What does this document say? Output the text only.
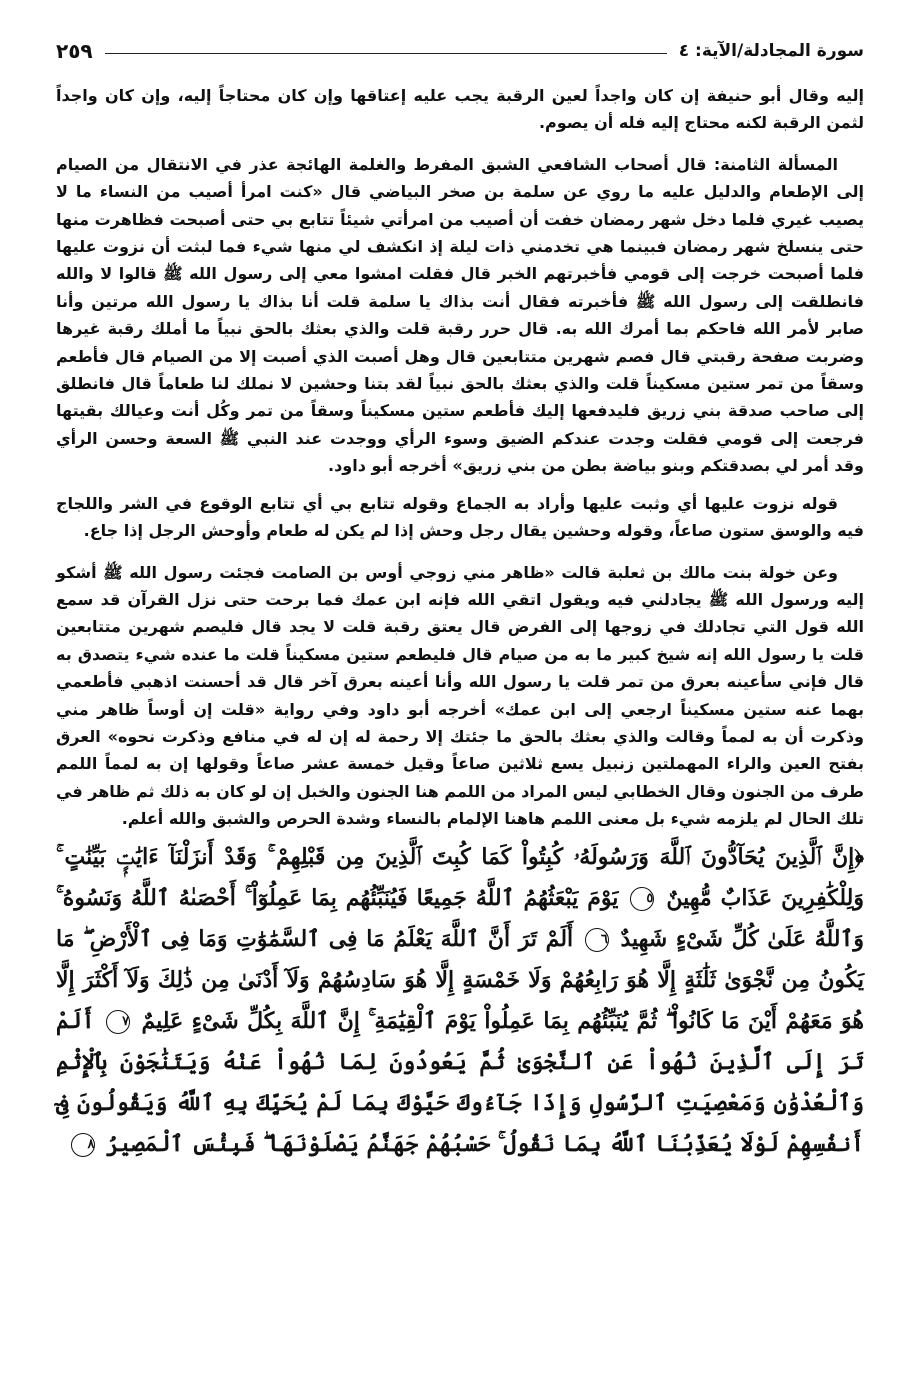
سورة المجادلة/الآية: ٤
٢٥٩

إليه وقال أبو حنيفة إن كان واجداً لعين الرقبة يجب عليه إعتاقها وإن كان محتاجاً إليه، وإن كان واجداً لثمن الرقبة لكنه محتاج إليه فله أن يصوم.

المسألة الثامنة: قال أصحاب الشافعي الشبق المفرط والغلمة الهائجة عذر في الانتقال من الصيام إلى الإطعام والدليل عليه ما روي عن سلمة بن صخر البياضي قال «كنت امرأ أصيب من النساء ما لا يصيب غيري فلما دخل شهر رمضان خفت أن أصيب من امرأتي شيئاً تتابع بي حتى أصبحت فظاهرت منها حتى ينسلخ شهر رمضان فبينما هي تخدمني ذات ليلة إذ انكشف لي منها شيء فما لبثت أن نزوت عليها فلما أصبحت خرجت إلى قومي فأخبرتهم الخبر قال فقلت امشوا معي إلى رسول الله ﷺ قالوا لا والله فانطلقت إلى رسول الله ﷺ فأخبرته فقال أنت بذاك يا سلمة قلت أنا بذاك يا رسول الله مرتين وأنا صابر لأمر الله فاحكم بما أمرك الله به. قال حرر رقبة قلت والذي بعثك بالحق نبياً ما أملك رقبة غيرها وضربت صفحة رقبتي قال فصم شهرين متتابعين قال وهل أصبت الذي أصبت إلا من الصيام قال فأطعم وسقاً من تمر ستين مسكيناً قلت والذي بعثك بالحق نبياً لقد بتنا وحشين لا نملك لنا طعاماً قال فانطلق إلى صاحب صدقة بني زريق فليدفعها إليك فأطعم ستين مسكيناً وسقاً من تمر وكُل أنت وعيالك بقيتها فرجعت إلى قومي فقلت وجدت عندكم الضيق وسوء الرأي ووجدت عند النبي ﷺ السعة وحسن الرأي وقد أمر لي بصدقتكم وبنو بياضة بطن من بني زريق» أخرجه أبو داود.

قوله نزوت عليها أي وثبت عليها وأراد به الجماع وقوله تتابع بي أي تتابع الوقوع في الشر واللجاج فيه والوسق ستون صاعاً، وقوله وحشين يقال رجل وحش إذا لم يكن له طعام وأوحش الرجل إذا جاع.

وعن خولة بنت مالك بن ثعلبة قالت «ظاهر مني زوجي أوس بن الصامت فجئت رسول الله ﷺ أشكو إليه ورسول الله ﷺ يجادلني فيه ويقول اتقي الله فإنه ابن عمك فما برحت حتى نزل القرآن قد سمع الله قول التي تجادلك في زوجها إلى الفرض قال يعتق رقبة قلت لا يجد قال فليصم شهرين متتابعين قلت يا رسول الله إنه شيخ كبير ما به من صيام قال فليطعم ستين مسكيناً قلت ما عنده شيء يتصدق به قال فإني سأعينه بعرق من تمر قلت يا رسول الله وأنا أعينه بعرق آخر قال قد أحسنت اذهبي فأطعمي بهما عنه ستين مسكيناً ارجعي إلى ابن عمك» أخرجه أبو داود وفي رواية «قلت إن أوساً ظاهر مني وذكرت أن به لمماً وقالت والذي بعثك بالحق ما جئتك إلا رحمة له إن له في منافع وذكرت نحوه» العرق بفتح العين والراء المهملتين زنبيل يسع ثلاثين صاعاً وقيل خمسة عشر صاعاً وقولها إن به لمماً اللمم طرف من الجنون وقال الخطابي ليس المراد من اللمم هنا الجنون والخبل إن لو كان به ذلك ثم ظاهر في تلك الحال لم يلزمه شيء بل معنى اللمم هاهنا الإلمام بالنساء وشدة الحرص والشبق والله أعلم.

﴿إِنَّ ٱلَّذِينَ يُحَآدُّونَ ٱللَّهَ وَرَسُولَهُۥ كُبِتُواْ كَمَا كُبِتَ ٱلَّذِينَ مِن قَبْلِهِمْ ۚ وَقَدْ أَنزَلْنَآ ءَايَٰتٍۭ بَيِّنَٰتٍ ۚ وَلِلْكَٰفِرِينَ عَذَابٌ مُّهِينٌ ٥ يَوْمَ يَبْعَثُهُمُ ٱللَّهُ جَمِيعًا فَيُنَبِّئُهُم بِمَا عَمِلُوٓاْ ۚ أَحْصَىٰهُ ٱللَّهُ وَنَسُوهُ ۚ وَٱللَّهُ عَلَىٰ كُلِّ شَىْءٍ شَهِيدٌ ٦ أَلَمْ تَرَ أَنَّ ٱللَّهَ يَعْلَمُ مَا فِى ٱلسَّمَٰوَٰتِ وَمَا فِى ٱلْأَرْضِ ۖ مَا يَكُونُ مِن نَّجْوَىٰ ثَلَٰثَةٍ إِلَّا هُوَ رَابِعُهُمْ وَلَا خَمْسَةٍ إِلَّا هُوَ سَادِسُهُمْ وَلَآ أَدْنَىٰ مِن ذَٰلِكَ وَلَآ أَكْثَرَ إِلَّا هُوَ مَعَهُمْ أَيْنَ مَا كَانُواْ ۖ ثُمَّ يُنَبِّئُهُم بِمَا عَمِلُواْ يَوْمَ ٱلْقِيَٰمَةِ ۚ إِنَّ ٱللَّهَ بِكُلِّ شَىْءٍ عَلِيمٌ ٧ أَلَمْ تَرَ إِلَى ٱلَّذِينَ نُهُواْ عَنِ ٱلنَّجْوَىٰ ثُمَّ يَعُودُونَ لِمَا نُهُواْ عَنْهُ وَيَتَنَٰجَوْنَ بِٱلْإِثْمِ وَٱلْعُدْوَٰنِ وَمَعْصِيَتِ ٱلرَّسُولِ وَإِذَا جَآءُوكَ حَيَّوْكَ بِمَا لَمْ يُحَيِّكَ بِهِ ٱللَّهُ وَيَقُولُونَ فِىٓ أَنفُسِهِمْ لَوْلَا يُعَذِّبُنَا ٱللَّهُ بِمَا نَقُولُ ۚ حَسْبُهُمْ جَهَنَّمُ يَصْلَوْنَهَا ۖ فَبِئْسَ ٱلْمَصِيرُ ٨
